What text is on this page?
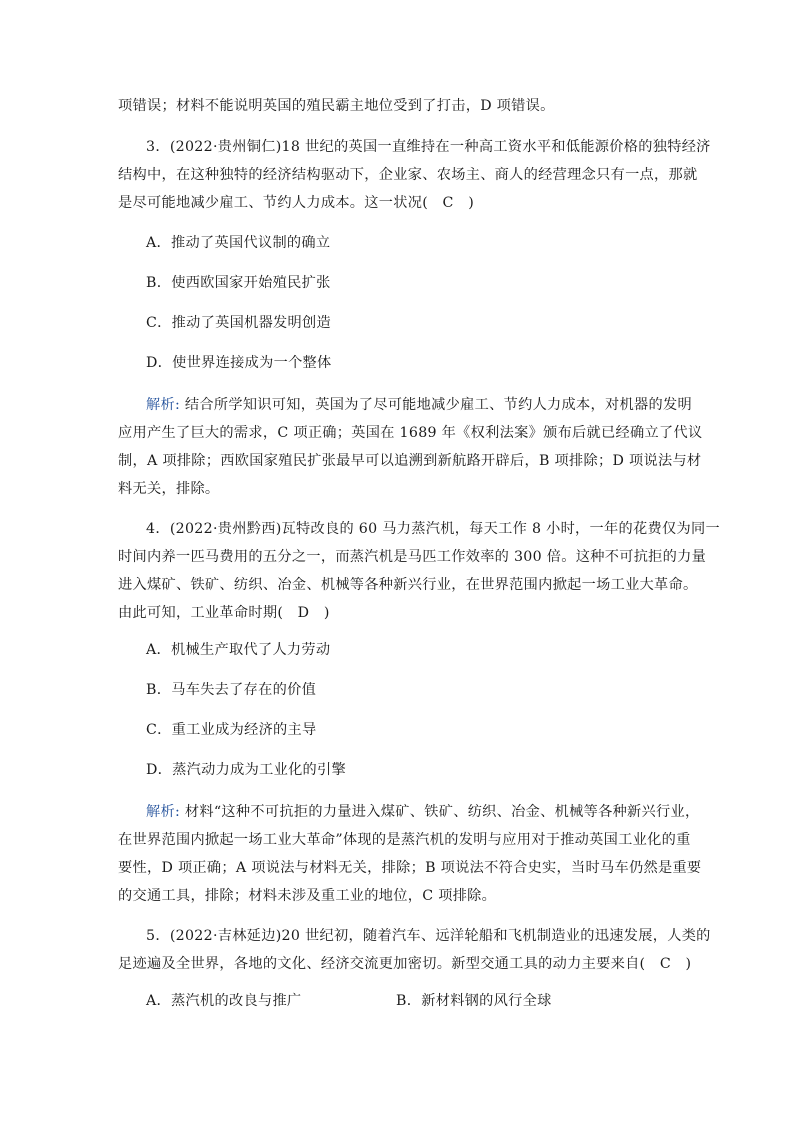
项错误；材料不能说明英国的殖民霸主地位受到了打击，D 项错误。
3．(2022·贵州铜仁)18 世纪的英国一直维持在一种高工资水平和低能源价格的独特经济
结构中，在这种独特的经济结构驱动下，企业家、农场主、商人的经营理念只有一点，那就
是尽可能地减少雇工、节约人力成本。这一状况(　C　)
A．推动了英国代议制的确立
B．使西欧国家开始殖民扩张
C．推动了英国机器发明创造
D．使世界连接成为一个整体
解析: 结合所学知识可知，英国为了尽可能地减少雇工、节约人力成本，对机器的发明
应用产生了巨大的需求，C 项正确；英国在 1689 年《权利法案》颁布后就已经确立了代议
制，A 项排除；西欧国家殖民扩张最早可以追溯到新航路开辟后，B 项排除；D 项说法与材
料无关，排除。
4．(2022·贵州黔西)瓦特改良的 60 马力蒸汽机，每天工作 8 小时，一年的花费仅为同一
时间内养一匹马费用的五分之一，而蒸汽机是马匹工作效率的 300 倍。这种不可抗拒的力量
进入煤矿、铁矿、纺织、冶金、机械等各种新兴行业，在世界范围内掀起一场工业大革命。
由此可知，工业革命时期(　D　)
A．机械生产取代了人力劳动
B．马车失去了存在的价值
C．重工业成为经济的主导
D．蒸汽动力成为工业化的引擎
解析: 材料“这种不可抗拒的力量进入煤矿、铁矿、纺织、冶金、机械等各种新兴行业，
在世界范围内掀起一场工业大革命”体现的是蒸汽机的发明与应用对于推动英国工业化的重
要性，D 项正确；A 项说法与材料无关，排除；B 项说法不符合史实，当时马车仍然是重要
的交通工具，排除；材料未涉及重工业的地位，C 项排除。
5．(2022·吉林延边)20 世纪初，随着汽车、远洋轮船和飞机制造业的迅速发展，人类的
足迹遍及全世界，各地的文化、经济交流更加密切。新型交通工具的动力主要来自(　C　)
A．蒸汽机的改良与推广	B．新材料钢的风行全球
